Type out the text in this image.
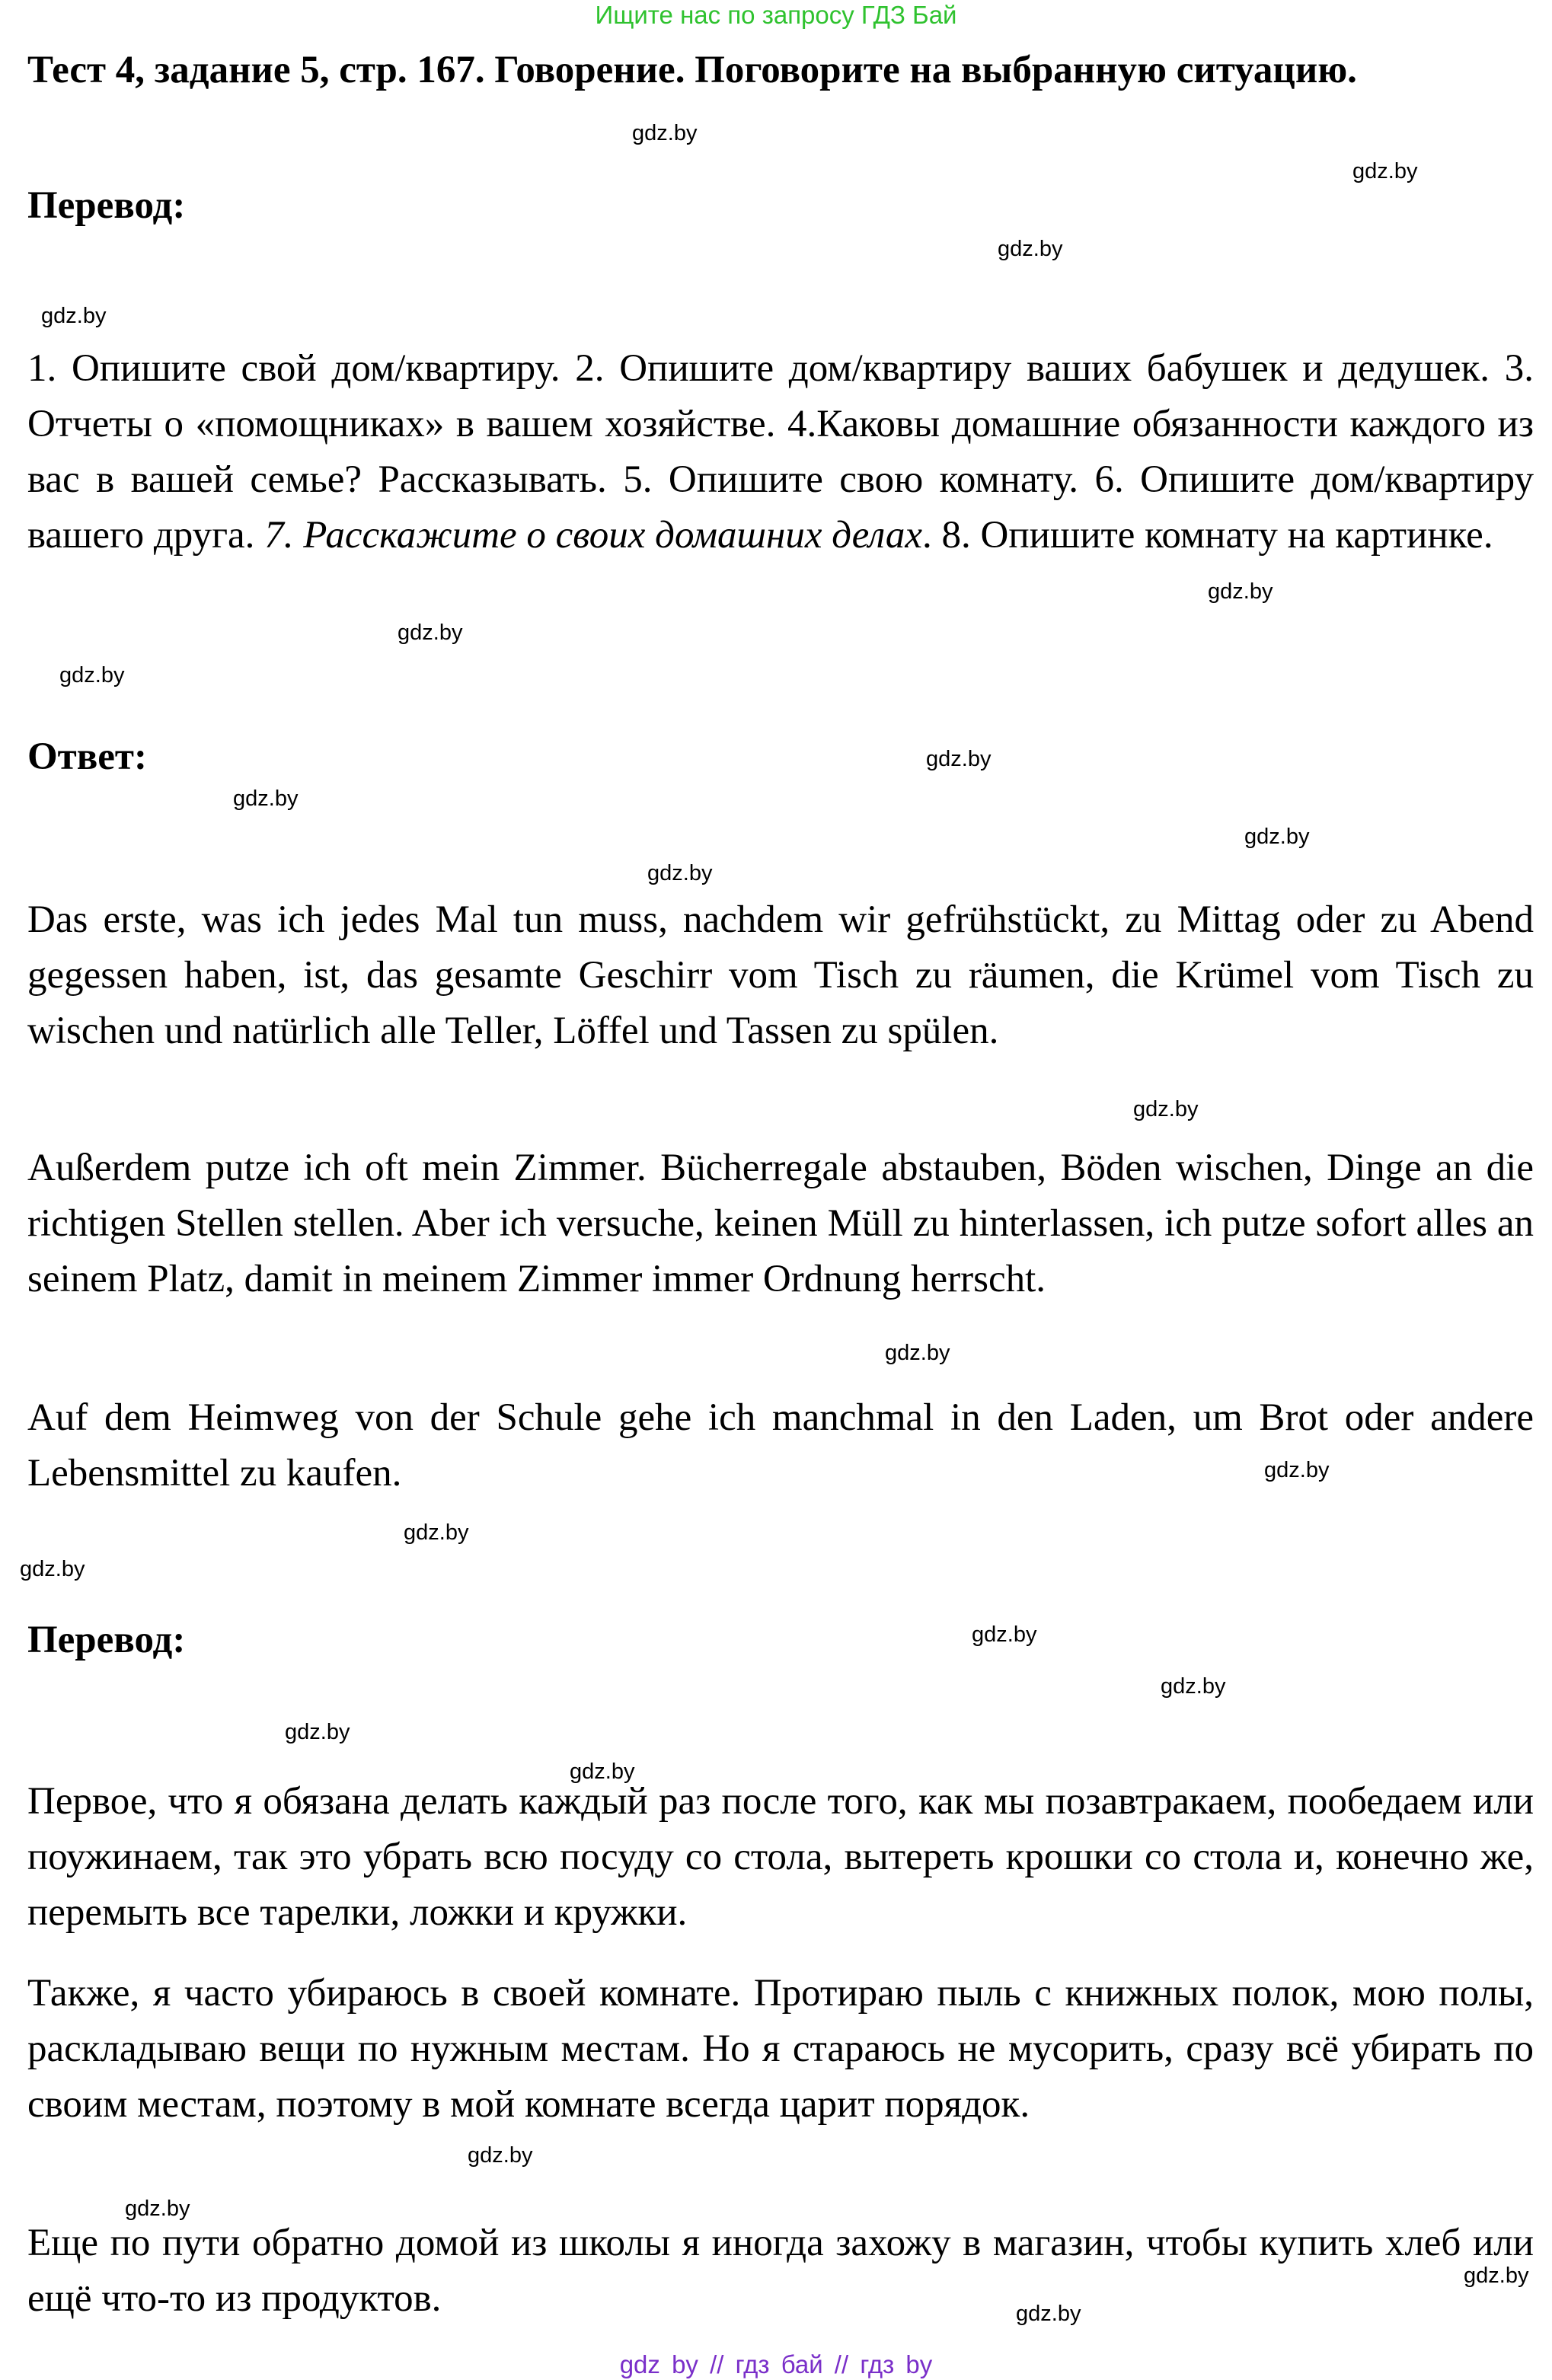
Ищите нас по запросу ГДЗ Бай

Тест 4, задание 5, стр. 167. Говорение. Поговорите на выбранную ситуацию.

Перевод:

1. Опишите свой дом/квартиру. 2. Опишите дом/квартиру ваших бабушек и дедушек. 3. Отчеты о «помощниках» в вашем хозяйстве. 4.Каковы домашние обязанности каждого из вас в вашей семье? Рассказывать. 5. Опишите свою комнату. 6. Опишите дом/квартиру вашего друга. 7. Расскажите о своих домашних делах. 8. Опишите комнату на картинке.

Ответ:

Das erste, was ich jedes Mal tun muss, nachdem wir gefrühstückt, zu Mittag oder zu Abend gegessen haben, ist, das gesamte Geschirr vom Tisch zu räumen, die Krümel vom Tisch zu wischen und natürlich alle Teller, Löffel und Tassen zu spülen.

Außerdem putze ich oft mein Zimmer. Bücherregale abstauben, Böden wischen, Dinge an die richtigen Stellen stellen. Aber ich versuche, keinen Müll zu hinterlassen, ich putze sofort alles an seinem Platz, damit in meinem Zimmer immer Ordnung herrscht.

Auf dem Heimweg von der Schule gehe ich manchmal in den Laden, um Brot oder andere Lebensmittel zu kaufen.

Перевод:

Первое, что я обязана делать каждый раз после того, как мы позавтракаем, пообедаем или поужинаем, так это убрать всю посуду со стола, вытереть крошки со стола и, конечно же, перемыть все тарелки, ложки и кружки.

Также, я часто убираюсь в своей комнате. Протираю пыль с книжных полок, мою полы, раскладываю вещи по нужным местам. Но я стараюсь не мусорить, сразу всё убирать по своим местам, поэтому в мой комнате всегда царит порядок.

Еще по пути обратно домой из школы я иногда захожу в магазин, чтобы купить хлеб или ещё что-то из продуктов.

gdz.by
gdz.by
gdz.by
gdz.by
gdz.by
gdz.by
gdz.by
gdz.by
gdz.by
gdz.by
gdz.by
gdz.by
gdz.by
gdz.by
gdz.by
gdz.by
gdz.by
gdz.by
gdz.by
gdz.by
gdz.by
gdz.by
gdz.by
gdz.by
gdz by // гдз бай // гдз by
